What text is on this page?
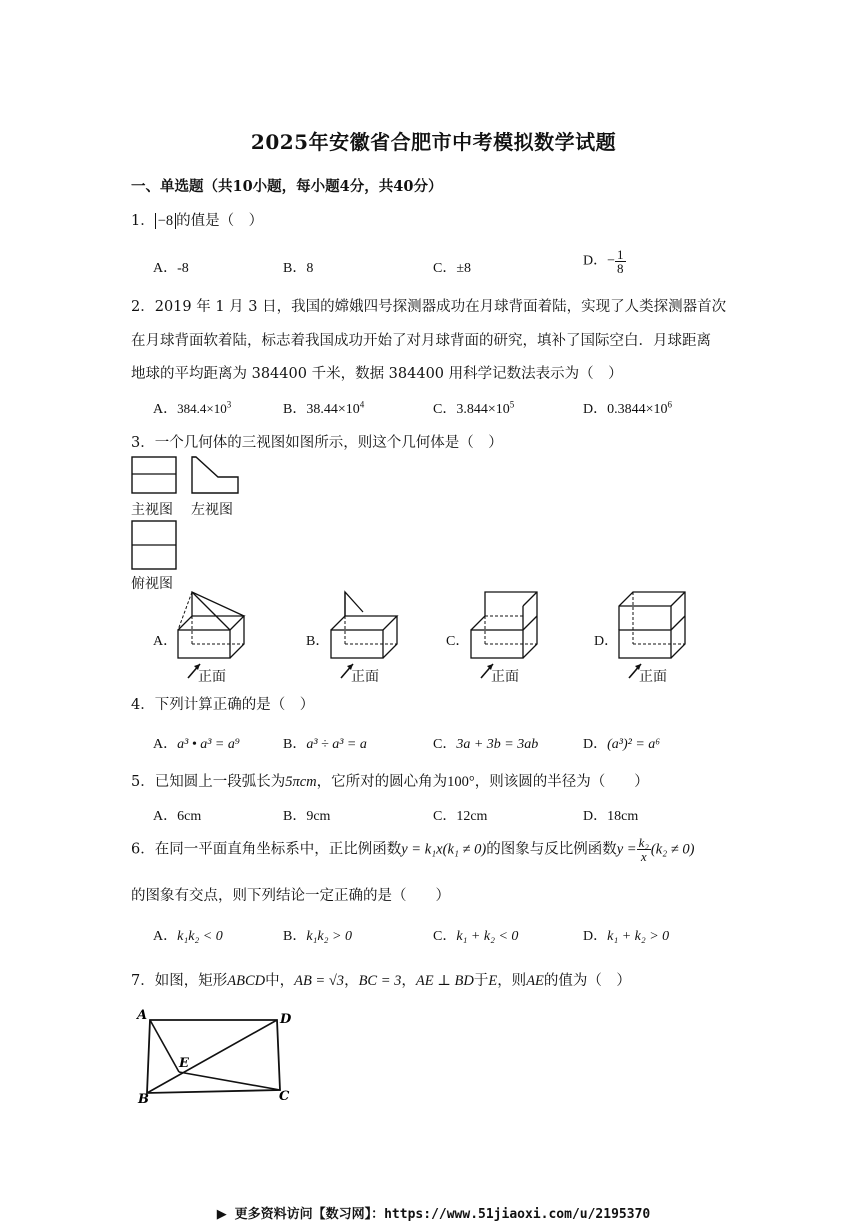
2025年安徽省合肥市中考模拟数学试题
一、单选题（共10小题，每小题4分，共40分）
1． −8 的值是（　）
A．-8	B．8	C．±8	D．− $\frac{1}{8}$
2．2019 年 1 月 3 日，我国的嫦娥四号探测器成功在月球背面着陆，实现了人类探测器首次
在月球背面软着陆，标志着我国成功开始了对月球背面的研究，填补了国际空白．月球距离
地球的平均距离为 384400 千米，数据 384400 用科学记数法表示为（　）
A．$384.4\times 10^3$	B．$38.44\times 10^4$	C．$3.844\times 10^5$	D．$0.3844\times 10^6$
3．一个几何体的三视图如图所示，则这个几何体是（　）
主视图 左视图
俯视图
A．
正面
B．
正面
C．
正面
D．
正面
4．下列计算正确的是（　）
A．a³ • a³ = a⁹	B．a³ ÷ a³ = a	C．3a + 3b = 3ab	D．(a³)² = a⁶
5．已知圆上一段弧长为5πcm，它所对的圆心角为100°，则该圆的半径为（　　）
A．6cm	B．9cm	C．12cm	D．18cm
6．在同一平面直角坐标系中，正比例函数y = k₁x(k₁ ≠ 0)的图象与反比例函数$y = \frac{\text{k₂}}{x} (k_2 \ne 0)$
的图象有交点，则下列结论一定正确的是（　　）
A．k₁k₂ < 0	B．k₁k₂ > 0	C．k₁ + k₂ < 0	D．k₁ + k₂ > 0
7．如图，矩形ABCD中，AB = √3，BC = 3，AE ⊥ BD于E，则AE的值为（　）
A	D
B	C
E
▶ 更多资料访问【数习网】：https://www.51jiaoxi.com/u/2195370
